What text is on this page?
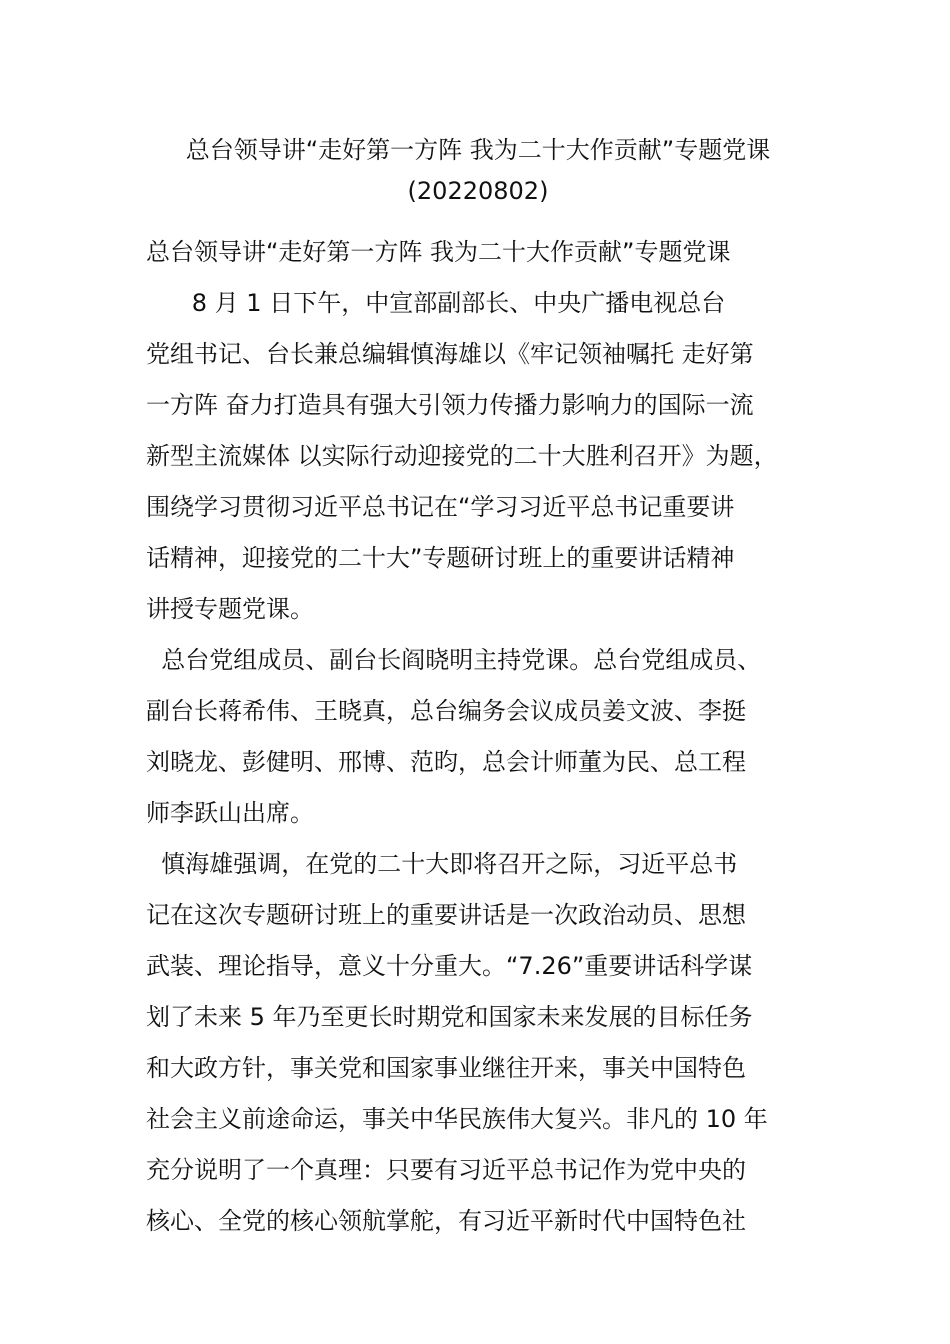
总台领导讲“走好第一方阵 我为二十大作贡献”专题党课
(20220802)
总台领导讲“走好第一方阵 我为二十大作贡献”专题党课
8 月 1 日下午，中宣部副部长、中央广播电视总台
党组书记、台长兼总编辑慎海雄以《牢记领袖嘱托 走好第
一方阵 奋力打造具有强大引领力传播力影响力的国际一流
新型主流媒体 以实际行动迎接党的二十大胜利召开》为题，
围绕学习贯彻习近平总书记在“学习习近平总书记重要讲
话精神，迎接党的二十大”专题研讨班上的重要讲话精神
讲授专题党课。
总台党组成员、副台长阎晓明主持党课。总台党组成员、
副台长蒋希伟、王晓真，总台编务会议成员姜文波、李挺
刘晓龙、彭健明、邢博、范昀，总会计师董为民、总工程
师李跃山出席。
慎海雄强调，在党的二十大即将召开之际，习近平总书
记在这次专题研讨班上的重要讲话是一次政治动员、思想
武装、理论指导，意义十分重大。“7.26”重要讲话科学谋
划了未来 5 年乃至更长时期党和国家未来发展的目标任务
和大政方针，事关党和国家事业继往开来，事关中国特色
社会主义前途命运，事关中华民族伟大复兴。非凡的 10 年
充分说明了一个真理：只要有习近平总书记作为党中央的
核心、全党的核心领航掌舵，有习近平新时代中国特色社
